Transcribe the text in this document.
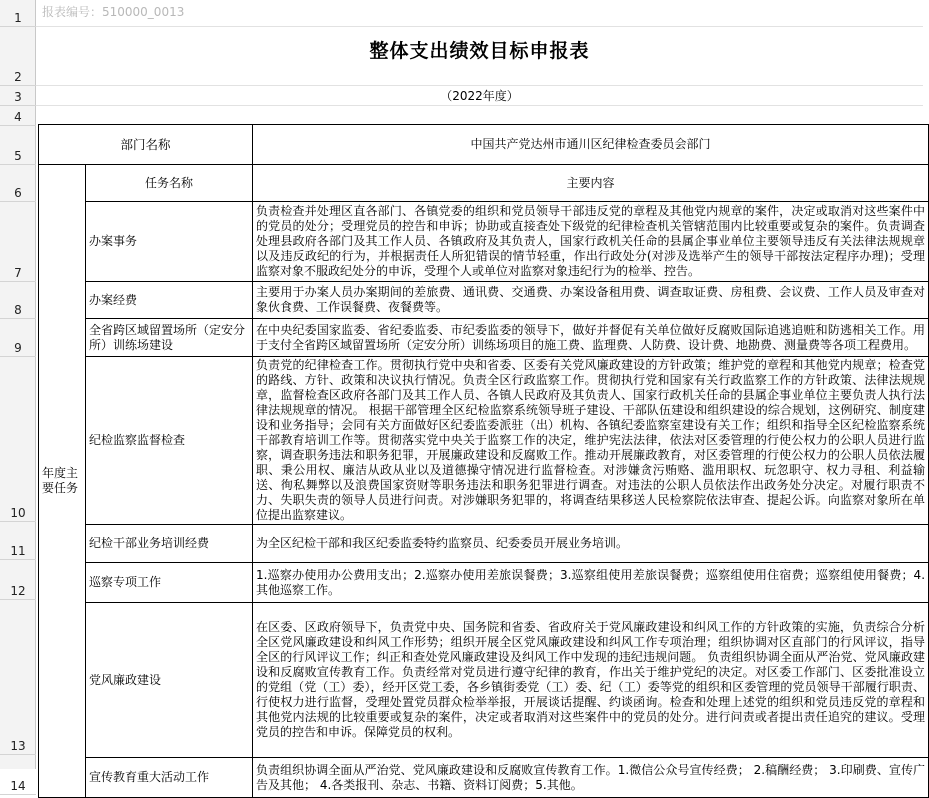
1
2
3
4
5
6
7
8
9
10
11
12
13
14
报表编号：510000_0013
整体支出绩效目标申报表
（2022年度）
部门名称		中国共产党达州市通川区纪律检查委员会部门
年度主要任务	任务名称	主要内容
	办案事务	负责检查并处理区直各部门、各镇党委的组织和党员领导干部违反党的章程及其他党内规章的案件，决定或取消对这些案件中的党员的处分；受理党员的控告和申诉；协助或直接查处下级党的纪律检查机关管辖范围内比较重要或复杂的案件。负责调查处理县政府各部门及其工作人员、各镇政府及其负责人，国家行政机关任命的县属企事业单位主要领导违反有关法律法规规章以及违反政纪的行为，并根据责任人所犯错误的情节轻重，作出行政处分(对涉及选举产生的领导干部按法定程序办理)；受理监察对象不服政纪处分的申诉，受理个人或单位对监察对象违纪行为的检举、控告。
	办案经费	主要用于办案人员办案期间的差旅费、通讯费、交通费、办案设备租用费、调查取证费、房租费、会议费、工作人员及审查对象伙食费、工作误餐费、夜餐费等。
	全省跨区域留置场所（定安分所）训练场建设	在中央纪委国家监委、省纪委监委、市纪委监委的领导下，做好并督促有关单位做好反腐败国际追逃追赃和防逃相关工作。用于支付全省跨区域留置场所（定安分所）训练场项目的施工费、监理费、人防费、设计费、地勘费、测量费等各项工程费用。
	纪检监察监督检查	负责党的纪律检查工作。贯彻执行党中央和省委、区委有关党风廉政建设的方针政策；维护党的章程和其他党内规章；检查党的路线、方针、政策和决议执行情况。负责全区行政监察工作。贯彻执行党和国家有关行政监察工作的方针政策、法律法规规章，监督检查区政府各部门及其工作人员、各镇人民政府及其负责人、国家行政机关任命的县属企事业单位主要负责人执行法律法规规章的情况。 根据干部管理全区纪检监察系统领导班子建设、干部队伍建设和组织建设的综合规划，这例研究、制度建设和业务指导；会同有关方面做好区纪委监委派驻（出）机构、各镇纪委监察室建设有关工作；组织和指导全区纪检监察系统干部教育培训工作等。贯彻落实党中央关于监察工作的决定，维护宪法法律，依法对区委管理的行使公权力的公职人员进行监察，调查职务违法和职务犯罪，开展廉政建设和反腐败工作。推动开展廉政教育，对区委管理的行使公权力的公职人员依法履职、秉公用权、廉洁从政从业以及道德操守情况进行监督检查。对涉嫌贪污贿赂、滥用职权、玩忽职守、权力寻租、利益输送、徇私舞弊以及浪费国家资财等职务违法和职务犯罪进行调查。对违法的公职人员依法作出政务处分决定。对履行职责不力、失职失责的领导人员进行问责。对涉嫌职务犯罪的，将调查结果移送人民检察院依法审查、提起公诉。向监察对象所在单位提出监察建议。
	纪检干部业务培训经费	为全区纪检干部和我区纪委监委特约监察员、纪委委员开展业务培训。
	巡察专项工作	1.巡察办使用办公费用支出；2.巡察办使用差旅误餐费；3.巡察组使用差旅误餐费；巡察组使用住宿费；巡察组使用餐费；4.其他巡察工作。
	党风廉政建设	在区委、区政府领导下，负责党中央、国务院和省委、省政府关于党风廉政建设和纠风工作的方针政策的实施，负责综合分析全区党风廉政建设和纠风工作形势；组织开展全区党风廉政建设和纠风工作专项治理；组织协调对区直部门的行风评议，指导全区的行风评议工作；纠正和查处党风廉政建设及纠风工作中发现的违纪违规问题。 负责组织协调全面从严治党、党风廉政建设和反腐败宣传教育工作。负责经常对党员进行遵守纪律的教育，作出关于维护党纪的决定。对区委工作部门、区委批准设立的党组（党（工）委），经开区党工委，各乡镇街委党（工）委、纪（工）委等党的组织和区委管理的党员领导干部履行职责、行使权力进行监督，受理处置党员群众检举举报，开展谈话提醒、约谈函询。检查和处理上述党的组织和党员违反党的章程和其他党内法规的比较重要或复杂的案件，决定或者取消对这些案件中的党员的处分。进行问责或者提出责任追究的建议。受理党员的控告和申诉。保障党员的权利。
	宣传教育重大活动工作	负责组织协调全面从严治党、党风廉政建设和反腐败宣传教育工作。1.微信公众号宣传经费； 2.稿酬经费； 3.印刷费、宣传广告及其他； 4.各类报刊、杂志、书籍、资料订阅费；5.其他。
